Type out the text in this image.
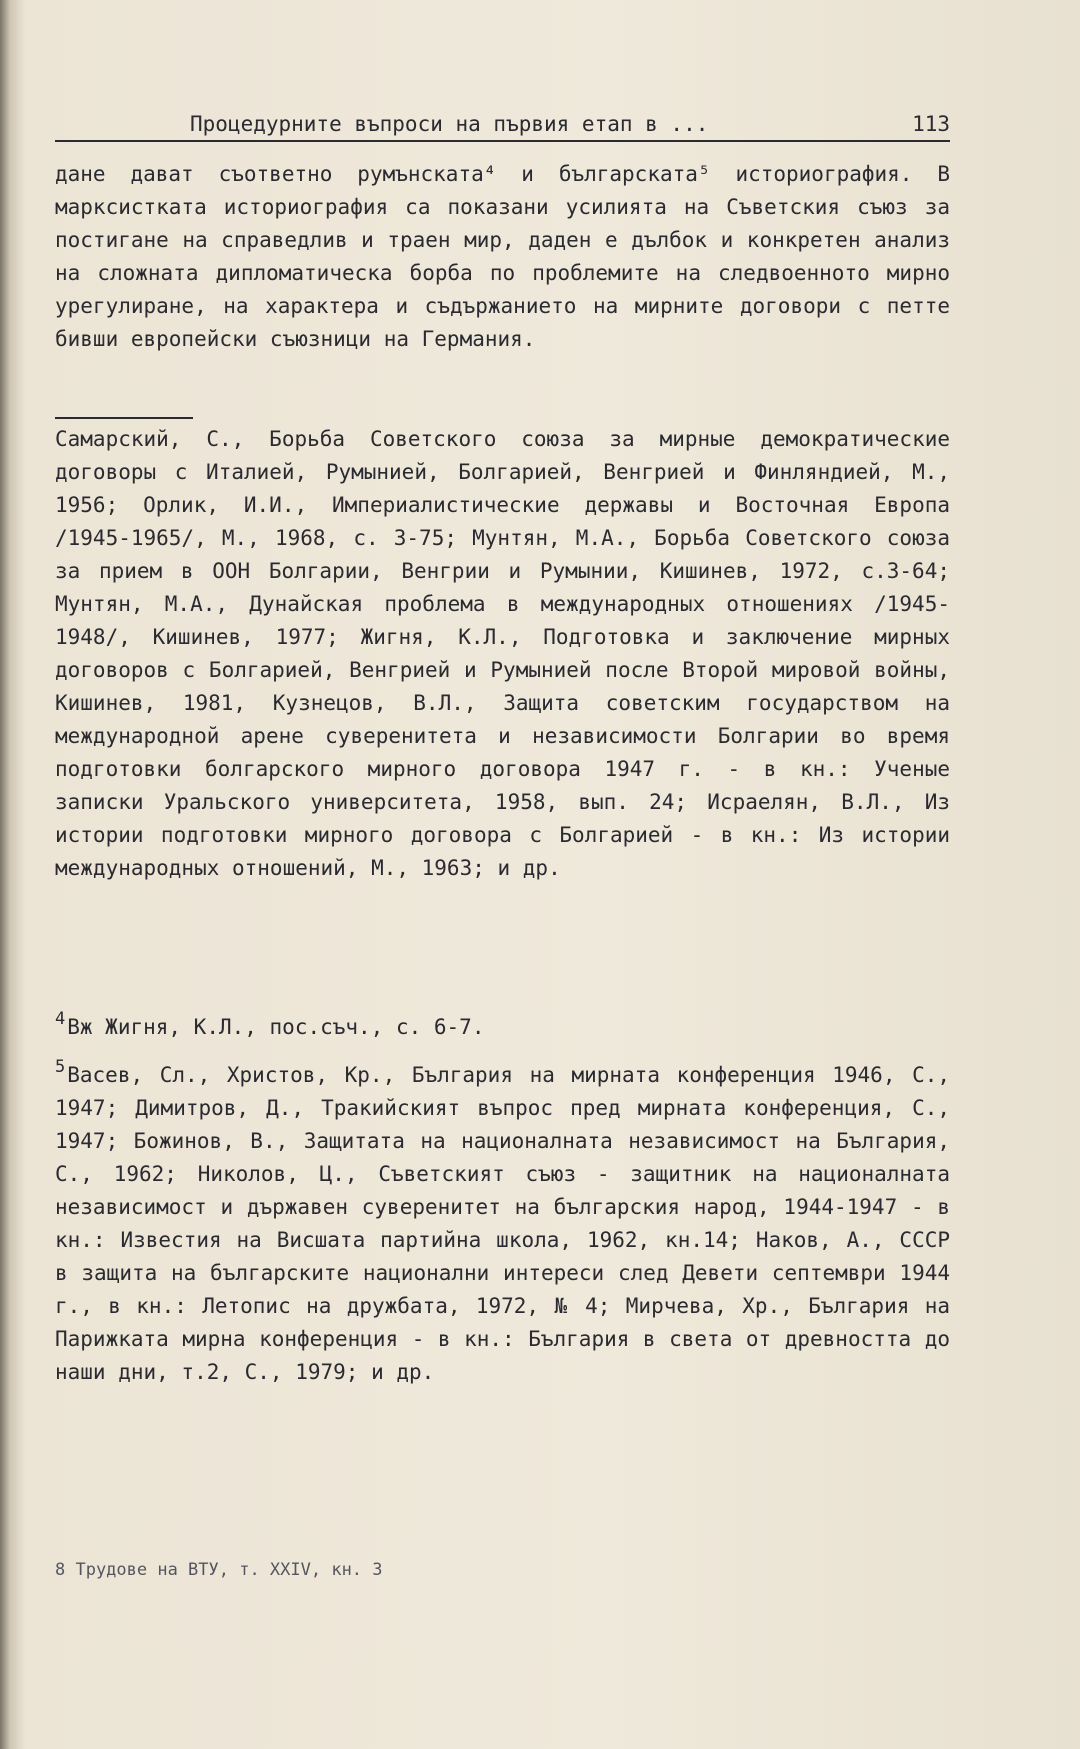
Процедурните въпроси на първия етап в ...	113

дане дават съответно румънската⁴ и българската⁵ историография. В марксистката историография са показани усилията на Съветския съюз за постигане на справедлив и траен мир, даден е дълбок и конкретен анализ на сложната дипломатическа борба по проблемите на следвоенното мирно урегулиране, на характера и съдържанието на мирните договори с петте бивши европейски съюзници на Германия.

Самарский, С., Борьба Советского союза за мирные демократические договоры с Италией, Румынией, Болгарией, Венгрией и Финляндией, М., 1956; Орлик, И.И., Империалистические державы и Восточная Европа /1945-1965/, М., 1968, с. 3-75; Мунтян, М.А., Борьба Советского союза за прием в ООН Болгарии, Венгрии и Румынии, Кишинев, 1972, с.3-64; Мунтян, М.А., Дунайская проблема в международных отношениях /1945-1948/, Кишинев, 1977; Жигня, К.Л., Подготовка и заключение мирных договоров с Болгарией, Венгрией и Румынией после Второй мировой войны, Кишинев, 1981, Кузнецов, В.Л., Защита советским государством на международной арене суверенитета и независимости Болгарии во время подготовки болгарского мирного договора 1947 г. - в кн.: Ученые записки Уральского университета, 1958, вып. 24; Исраелян, В.Л., Из истории подготовки мирного договора с Болгарией - в кн.: Из истории международных отношений, М., 1963; и др.

$^4$Вж Жигня, К.Л., пос.съч., с. 6-7.

$^5$Васев, Сл., Христов, Кр., България на мирната конференция 1946, С., 1947; Димитров, Д., Тракийският въпрос пред мирната конференция, С., 1947; Божинов, В., Защитата на националната независимост на България, С., 1962; Николов, Ц., Съветският съюз - защитник на националната независимост и държавен суверенитет на българския народ, 1944-1947 - в кн.: Известия на Висшата партийна школа, 1962, кн.14; Наков, А., СССР в защита на българските национални интереси след Девети септември 1944 г., в кн.: Летопис на дружбата, 1972, № 4; Мирчева, Хр., България на Парижката мирна конференция - в кн.: България в света от древността до наши дни, т.2, С., 1979; и др.

8 Трудове на ВТУ, т. XXIV, кн. 3
